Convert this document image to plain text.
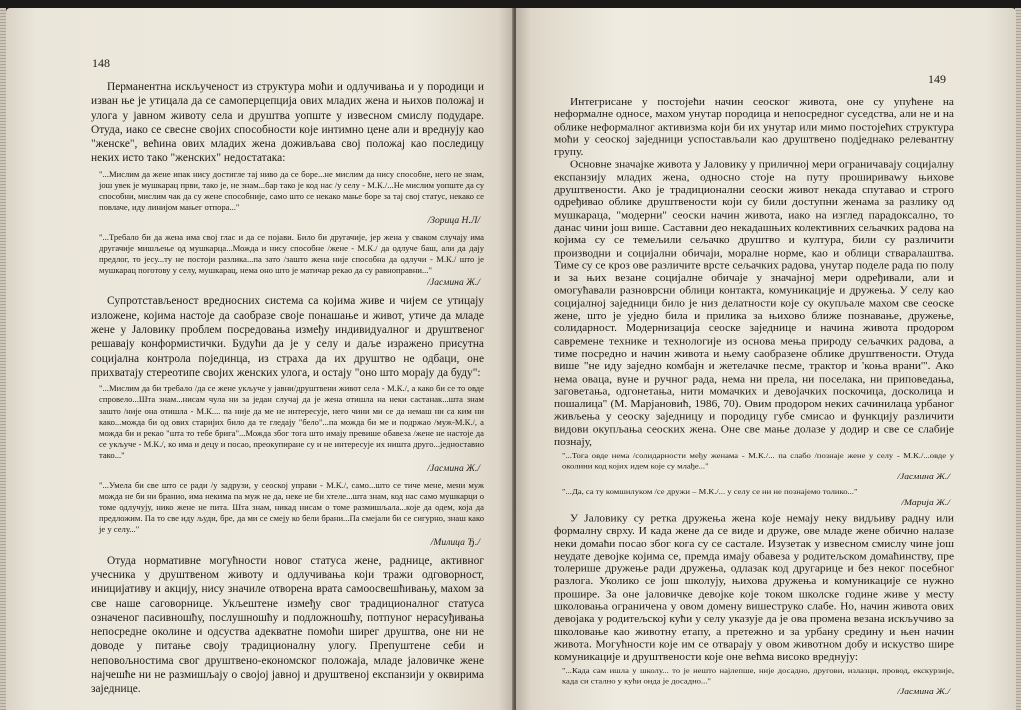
148

Перманентна искљученост из структура моћи и одлучивања и у породици и изван ње је утицала да се самоперцепција ових младих жена и њихов положај и улога у јавном животу села и друштва уопште у извесном смислу подударе. Отуда, иако се свесне својих способности које интимно цене али и вреднују као "женске", већина ових младих жена доживљава свој положај као последицу неких исто тако "женских" недостатака:

"...Мислим да жене ипак нису достигле тај ниво да се боре...не мислим да нису способне, него не знам, још увек је мушкарац први, тако је, не знам...бар тако је код нас /у селу - М.К./...Не мислим уопште да су способни, мислим чак да су жене способније, само што се некако мање боре за тај свој статус, некако се повлаче, иду линијом мањег отпора..."
/Зорица Н.Л/
"...Требало би да жена има свој глас и да се појави. Било би другачије, јер жена у сваком случају има другачије мишљење од мушкарца...Можда и нису способне /жене - М.К./ да одлуче баш, али да дају предлог, то јесу...ту не постоји разлика...па зато /зашто жена није способна да одлучи - М.К./ што је мушкарац поготову у селу, мушкарац, нема оно што је матичар рекао да су равноправни..."
/Јасмина Ж./

Супротстављеност вредносних система са којима живе и чијем се утицају изложене, којима настоје да саобразе своје понашање и живот, утиче да младе жене у Јаловику проблем посредовања између индивидуалног и друштвеног решавају конформистички. Будући да је у селу и даље изражено присутна социјална контрола појединца, из страха да их друштво не одбаци, оне прихватају стереотипе својих женских улога, и остају "оно што морају да буду":

"...Мислим да би требало /да се жене укључе у јавни/друштвени живот села - М.К./, а како би се то овде спровело...Шта знам...нисам чула ни за један случај да је жена отишла на неки састанак...шта знам зашто /није она отишла - М.К.... па није да ме не интересује, него чини ми се да немаш ни са ким ни како...можда би од ових старијих било да те гледају "бело"...па можда би ме и подржао /муж-М.К./, а можда би и рекао "шта то тебе брига"...Можда због тога што имају превише обавеза /жене не настоје да се укључе - М.К./, ко има и децу и посао, преокупиране су и не интересује их ништа друго...једноставно тако..."
/Јасмина Ж./
"...Умела би све што се ради /у задрузи, у сеоској управи - М.К./, само...што се тиче мене, мени муж можда не би ни бранио, има некима па муж не да, неке не би хтеле...шта знам, код нас само мушкарци о томе одлучују, нико жене не пита. Шта знам, никад нисам о томе размишљала...које да одем, која да предложим. Па то све иду људи, бре, да ми се смеју ко бели брани...Па смејали би се сигурно, знаш како је у селу..."
/Милица Ђ./

Отуда нормативне могућности новог статуса жене, раднице, активног учесника у друштвеном животу и одлучивања који тражи одговорност, иницијативу и акцију, нису значиле отворена врата самоосвешћивању, махом за све наше саговорнице. Укљештене између свог традиционалног статуса означеног пасивношћу, послушношћу и подложношћу, потпуног нерасуђивања непосредне околине и одсуства адекватне помоћи ширег друштва, оне ни не доводе у питање своју традиционалну улогу. Препуштене себи и неповољностима свог друштвено-економског положаја, младе јаловичке жене најчешће ни не размишљају о својој јавној и друштвеној експанзији у оквирима заједнице.

149

Интегрисане у постојећи начин сеоског живота, оне су упућене на неформалне односе, махом унутар породица и непосредног суседства, али не и на облике неформалног активизма који би их унутар или мимо постојећих структура моћи у сеоској заједници успостављали као друштвено подједнако релевантну групу.

Основне значајке живота у Јаловику у приличној мери ограничавају социјалну експанзију младих жена, односно стоје на путу прошириваwу њихове друштвености. Ако је традиционални сеоски живот некада спутавао и строго одређивао облике друштвености који су били доступни женама за разлику од мушкараца, "модерни" сеоски начин живота, иако на изглед парадоксално, то данас чини још више. Саставни део некадашњих колективних сељачких радова на којима су се темељили сељачко друштво и култура, били су различити производни и социјални обичаји, моралне норме, као и облици стваралаштва. Тиме су се кроз ове различите врсте сељачких радова, унутар поделе рада по полу и за њих везане социјалне обичаје у значајној мери одређивали, али и омогућавали разноврсни облици контакта, комуникације и дружења. У селу као социјалној заједници било је низ делатности које су окупљале махом све сеоске жене, што је уједно била и прилика за њихово ближе познавање, дружење, солидарност. Модернизација сеоске заједнице и начина живота продором савремене технике и технологије из основа мења природу сељачких радова, а тиме посредно и начин живота и њему саобразене облике друштвености. Отуда више "не иду заједно комбајн и жетелачке песме, трактор и 'коња врани'". Ако нема оваца, вуне и ручног рада, нема ни прела, ни поселака, ни приповедања, заговетања, одгонетања, нити момачких и девојачких поскочица, досколица и пошалица" (М. Марјановић, 1986, 70). Овим продором неких сачинилаца урбаног живљења у сеоску заједницу и породицу губе смисао и функцију различити видови окупљања сеоских жена. Оне све мање долазе у додир и све се слабије познају,

"...Тога овде нема /солидарности међу женама - М.К./... па слабо /познаје жене у селу - М.К./...овде у околини код којих идем које су млађе..."
/Јасмина Ж./
"...Да, са ту комшилуком /се дружи – М.К./... у селу се ни не познајемо толико..."
/Марија Ж./

У Јаловику су ретка дружења жена које немају неку видљиву радну или формалну сврху. И када жене да се виде и друже, ове младе жене обично налазе неки домаћи посао због кога су се састале. Изузетак у извесном смислу чине још неудате девојке којима се, премда имају обавеза у родитељском домаћинству, пре толерише дружење ради дружења, одлазак код другарице и без неког посебног разлога. Уколико се још школују, њихова дружења и комуникације се нужно прошире. За оне јаловичке девојке које током школске године живе у месту школовања ограничена у овом домену вишеструко слабе. Но, начин живота ових девојака у родитељској кући у селу указује да је ова промена везана искључиво за школовање као животну етапу, а претежно и за урбану средину и њен начин живота. Могућности које им се отварају у овом животном добу и искуство шире комуникације и друштвености које оне већма високо вреднују:

"...Када сам ишла у школу... то је нешто најлепше, није досадно, другови, излазци, провод, екскурзије, када си стално у кући онда је досадно..."
/Јасмина Ж./
